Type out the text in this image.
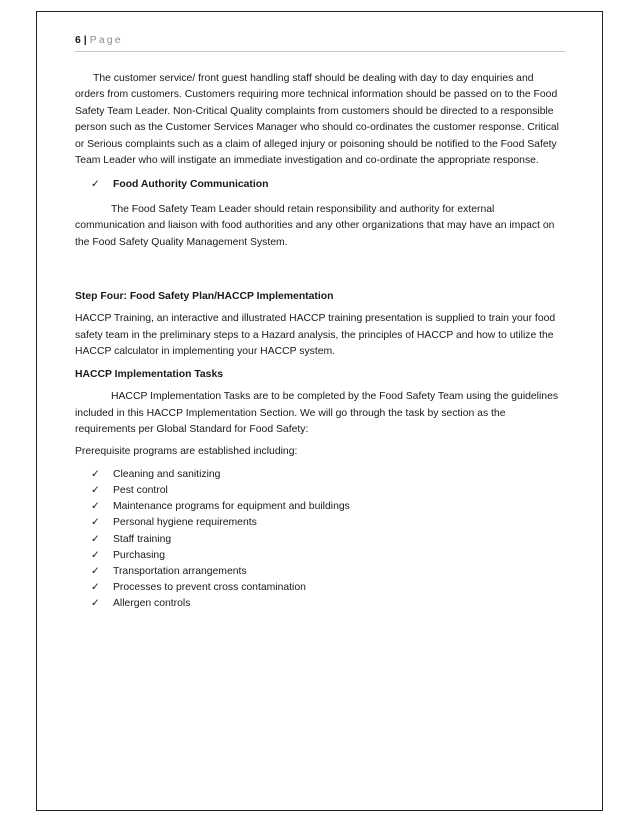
6 | Page

The customer service/ front guest handling staff should be dealing with day to day enquiries and orders from customers. Customers requiring more technical information should be passed on to the Food Safety Team Leader. Non-Critical Quality complaints from customers should be directed to a responsible person such as the Customer Services Manager who should co-ordinates the customer response. Critical or Serious complaints such as a claim of alleged injury or poisoning should be notified to the Food Safety Team Leader who will instigate an immediate investigation and co-ordinate the appropriate response.

✓ Food Authority Communication

The Food Safety Team Leader should retain responsibility and authority for external communication and liaison with food authorities and any other organizations that may have an impact on the Food Safety Quality Management System.

Step Four: Food Safety Plan/HACCP Implementation

HACCP Training, an interactive and illustrated HACCP training presentation is supplied to train your food safety team in the preliminary steps to a Hazard analysis, the principles of HACCP and how to utilize the HACCP calculator in implementing your HACCP system.

HACCP Implementation Tasks

HACCP Implementation Tasks are to be completed by the Food Safety Team using the guidelines included in this HACCP Implementation Section. We will go through the task by section as the requirements per Global Standard for Food Safety:

Prerequisite programs are established including:

✓ Cleaning and sanitizing
✓ Pest control
✓ Maintenance programs for equipment and buildings
✓ Personal hygiene requirements
✓ Staff training
✓ Purchasing
✓ Transportation arrangements
✓ Processes to prevent cross contamination
✓ Allergen controls
